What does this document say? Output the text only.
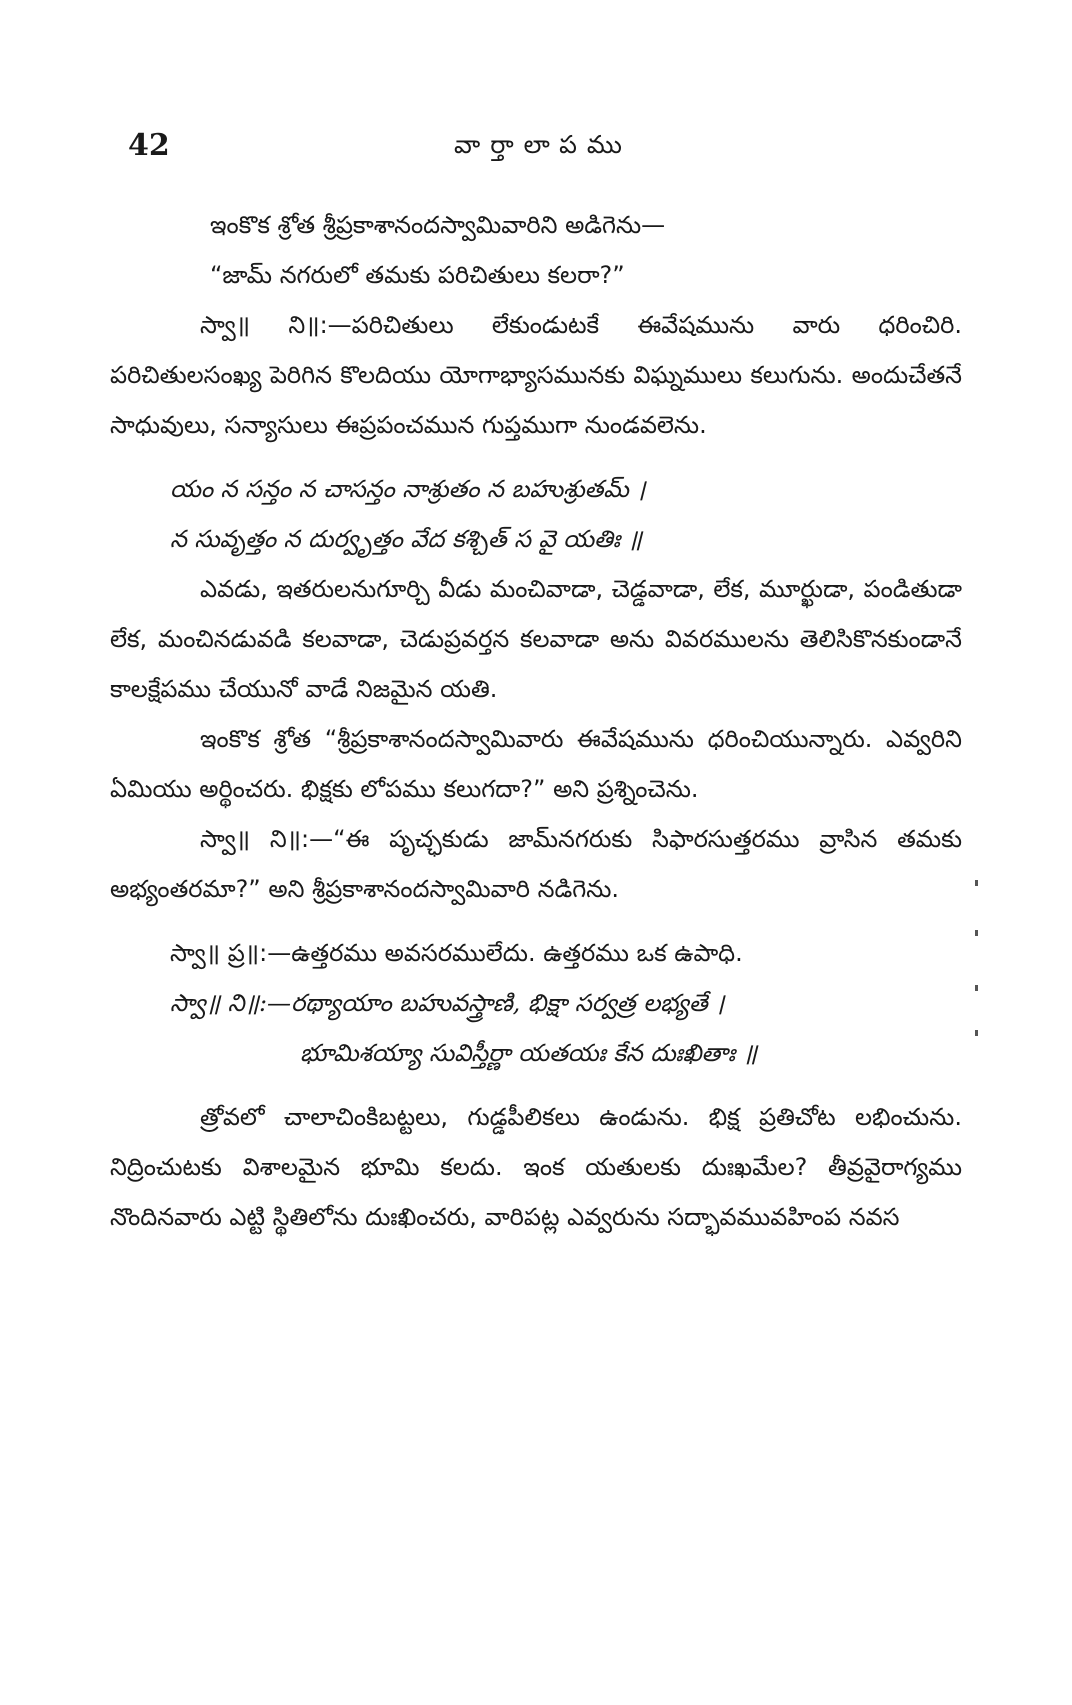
42	వార్తాలాపము

ఇంకొక శ్రోత శ్రీప్రకాశానందస్వామివారిని అడిగెను—

“జామ్ నగరులో తమకు పరిచితులు కలరా?”

స్వా॥ ని॥:—పరిచితులు లేకుండుటకే ఈవేషమును వారు ధరించిరి. పరిచితులసంఖ్య పెరిగిన కొలదియు యోగాభ్యాసమునకు విఘ్నములు కలుగును. అందుచేతనే సాధువులు, సన్యాసులు ఈప్రపంచమున గుప్తముగా నుండవలెను.

యం న సన్తం న చాసన్తం నాశ్రుతం న బహుశ్రుతమ్ ।

న సువృత్తం న దుర్వృత్తం వేద కశ్చిత్ స వై యతిః ॥

ఎవడు, ఇతరులనుగూర్చి వీడు మంచివాడా, చెడ్డవాడా, లేక, మూర్ఖుడా, పండితుడా లేక, మంచినడువడి కలవాడా, చెడుప్రవర్తన కలవాడా అను వివరములను తెలిసికొనకుండానే కాలక్షేపము చేయునో వాడే నిజమైన యతి.

ఇంకొక శ్రోత “శ్రీప్రకాశానందస్వామివారు ఈవేషమును ధరించియున్నారు. ఎవ్వరిని ఏమియు అర్థించరు. భిక్షకు లోపము కలుగదా?” అని ప్రశ్నించెను.

స్వా॥ ని॥:—“ఈ పృచ్ఛకుడు జామ్‌నగరుకు సిఫారసుత్తరము వ్రాసిన తమకు అభ్యంతరమా?” అని శ్రీప్రకాశానందస్వామివారి నడిగెను.

స్వా॥ ప్ర॥:—ఉత్తరము అవసరములేదు. ఉత్తరము ఒక ఉపాధి.

స్వా॥ ని॥:—రథ్యాయాం బహువస్త్రాణి, భిక్షా సర్వత్ర లభ్యతే ।

భూమిశయ్యా సువిస్తీర్ణా యతయః కేన దుఃఖితాః ॥

త్రోవలో చాలాచింకిబట్టలు, గుడ్డపీలికలు ఉండును. భిక్ష ప్రతిచోట లభించును. నిద్రించుటకు విశాలమైన భూమి కలదు. ఇంక యతులకు దుఃఖమేల? తీవ్రవైరాగ్యము నొందినవారు ఎట్టి స్థితిలోను దుఃఖించరు, వారిపట్ల ఎవ్వరును సద్భావమువహింప నవస
